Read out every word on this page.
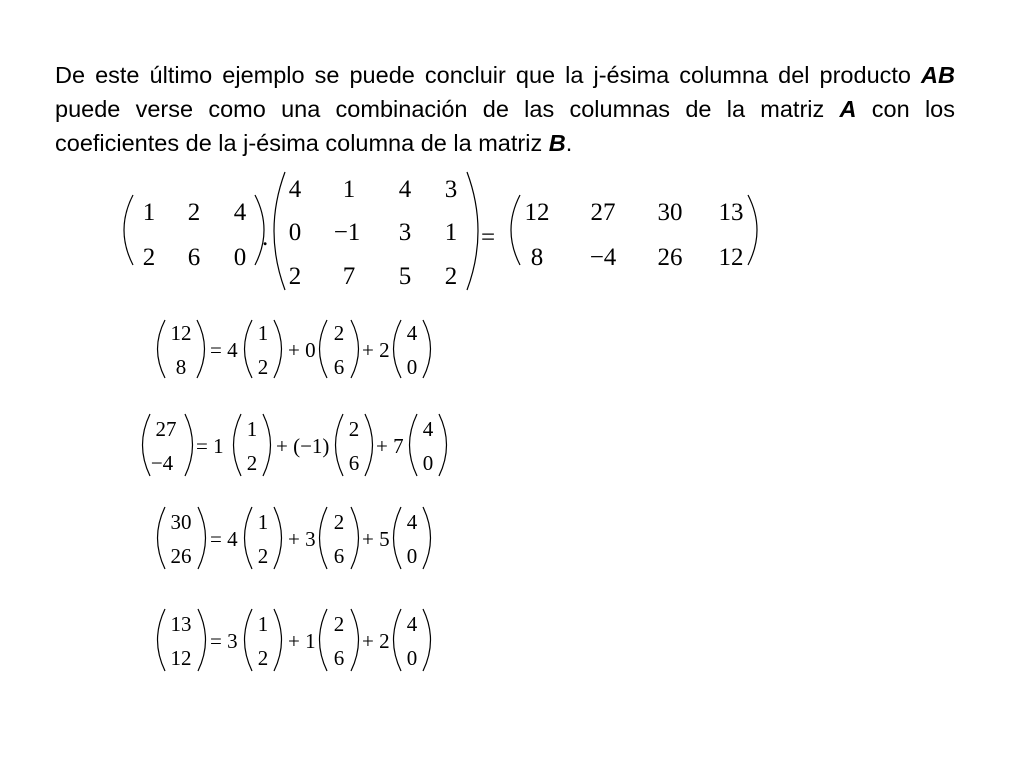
De este último ejemplo se puede concluir que la j-ésima columna del producto AB puede verse como una combinación de las columnas de la matriz A con los coeficientes de la j-ésima columna de la matriz B.
1 2 4
2 6 0
.
4 1 4 3
0 −1 3 1
2 7 5 2
=
12 27 30 13
8 −4 26 12
12
8
= 4
1
2
+ 0
2
6
+ 2
4
0
27
−4
= 1
1
2
+ (−1)
2
6
+ 7
4
0
30
26
= 4
1
2
+ 3
2
6
+ 5
4
0
13
12
= 3
1
2
+ 1
2
6
+ 2
4
0
